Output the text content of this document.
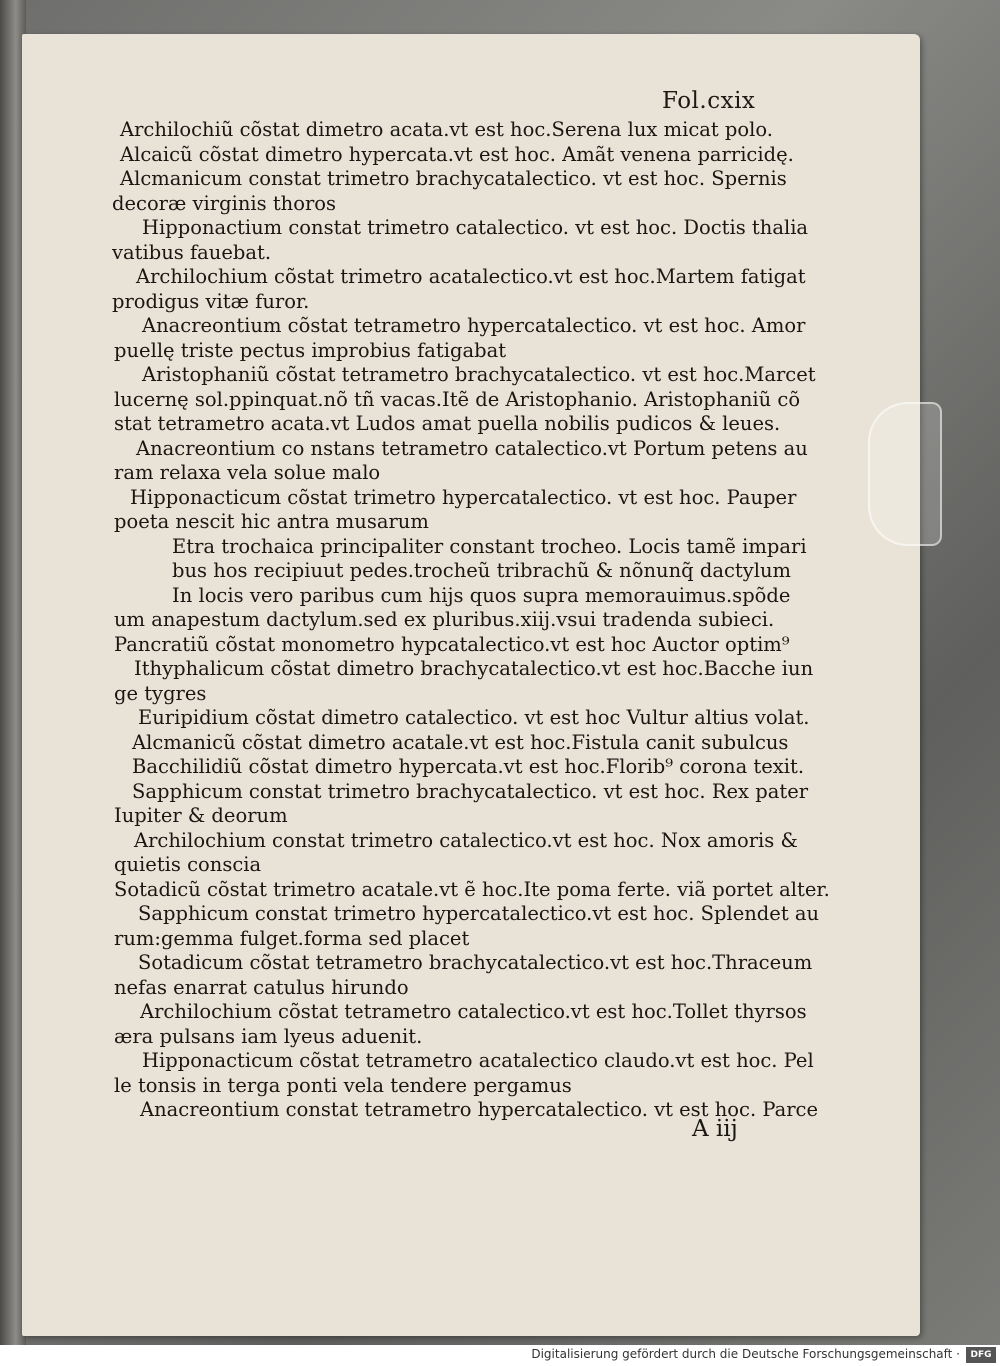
Fol.cxix
Archilochiũ cõstat dimetro acata.vt est hoc.Serena lux micat polo.
Alcaicũ cõstat dimetro hypercata.vt est hoc. Amãt venena parricidę.
Alcmanicum constat trimetro brachycatalectico. vt est hoc. Spernis
decoræ virginis thoros
Hipponactium constat trimetro catalectico. vt est hoc. Doctis thalia
vatibus fauebat.
Archilochium cõstat trimetro acatalectico.vt est hoc.Martem fatigat
prodigus vitæ furor.
Anacreontium cõstat tetrametro hypercatalectico. vt est hoc. Amor
puellę triste pectus improbius fatigabat
Aristophaniũ cõstat tetrametro brachycatalectico. vt est hoc.Marcet
lucernę sol.ppinquat.nõ tñ vacas.Itẽ de Aristophanio. Aristophaniũ cõ
stat tetrametro acata.vt Ludos amat puella nobilis pudicos & leues.
Anacreontium co nstans tetrametro catalectico.vt Portum petens au
ram relaxa vela solue malo
Hipponacticum cõstat trimetro hypercatalectico. vt est hoc. Pauper
poeta nescit hic antra musarum
Etra trochaica principaliter constant trocheo. Locis tamẽ impari
bus hos recipiuut pedes.trocheũ tribrachũ & nõnunq̃ dactylum
In locis vero paribus cum hijs quos supra memorauimus.spõde
um anapestum dactylum.sed ex pluribus.xiij.vsui tradenda subieci.
Pancratiũ cõstat monometro hypcatalectico.vt est hoc Auctor optim⁹
Ithyphalicum cõstat dimetro brachycatalectico.vt est hoc.Bacche iun
ge tygres
Euripidium cõstat dimetro catalectico. vt est hoc Vultur altius volat.
Alcmanicũ cõstat dimetro acatale.vt est hoc.Fistula canit subulcus
Bacchilidiũ cõstat dimetro hypercata.vt est hoc.Florib⁹ corona texit.
Sapphicum constat trimetro brachycatalectico. vt est hoc. Rex pater
Iupiter & deorum
Archilochium constat trimetro catalectico.vt est hoc. Nox amoris &
quietis conscia
Sotadicũ cõstat trimetro acatale.vt ẽ hoc.Ite poma ferte. viã portet alter.
Sapphicum constat trimetro hypercatalectico.vt est hoc. Splendet au
rum:gemma fulget.forma sed placet
Sotadicum cõstat tetrametro brachycatalectico.vt est hoc.Thraceum
nefas enarrat catulus hirundo
Archilochium cõstat tetrametro catalectico.vt est hoc.Tollet thyrsos
æra pulsans iam lyeus aduenit.
Hipponacticum cõstat tetrametro acatalectico claudo.vt est hoc. Pel
le tonsis in terga ponti vela tendere pergamus
Anacreontium constat tetrametro hypercatalectico. vt est hoc. Parce
A iij
Digitalisierung gefördert durch die Deutsche Forschungsgemeinschaft ·	DFG
